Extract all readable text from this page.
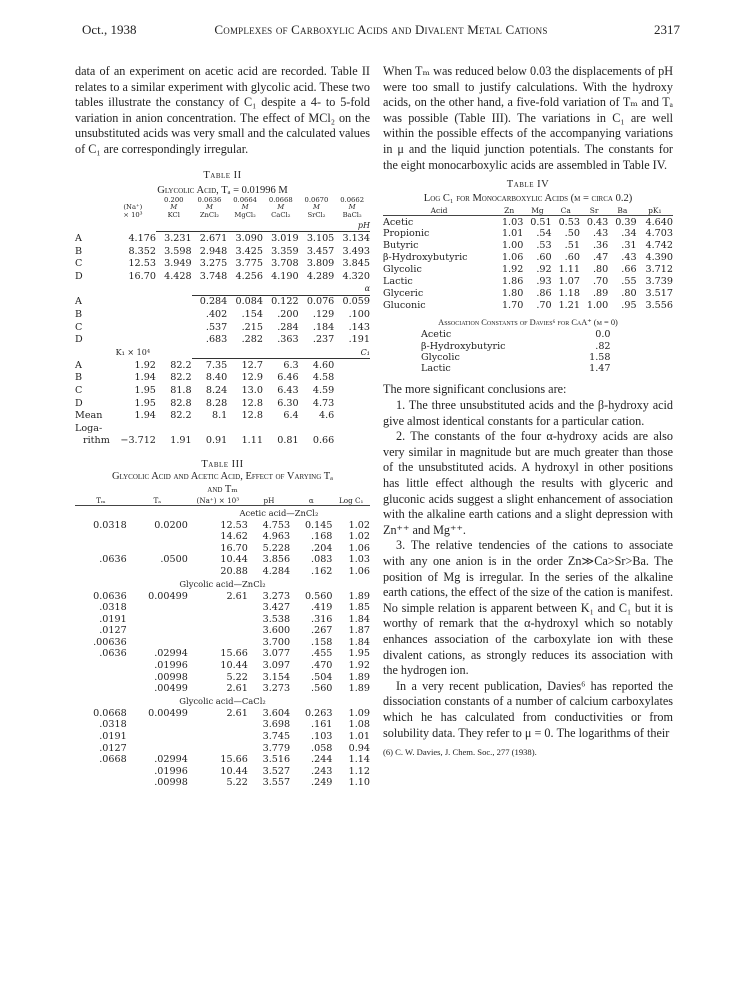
Oct., 1938	Complexes of Carboxylic Acids and Divalent Metal Cations	2317

data of an experiment on acetic acid are recorded. Table II relates to a similar experiment with glycolic acid. These two tables illustrate the constancy of C₁ despite a 4- to 5-fold variation in anion concentration. The effect of MCl₂ on the unsubstituted acids was very small and the calculated values of C₁ are correspondingly irregular.

Table II
Glycolic Acid, Tₐ = 0.01996 M
		0.200	0.0636	0.0664	0.0668	0.0670	0.0662
	(Na⁺)	M	M	M	M	M	M
	× 10³	KCl	ZnCl₂	MgCl₂	CaCl₂	SrCl₂	BaCl₂
		pH					
A	4.176	3.231	2.671	3.090	3.019	3.105	3.134
B	8.352	3.598	2.948	3.425	3.359	3.457	3.493
C	12.53	3.949	3.275	3.775	3.708	3.809	3.845
D	16.70	4.428	3.748	4.256	4.190	4.289	4.320
			α				
A			0.284	0.084	0.122	0.076	0.059
B			.402	.154	.200	.129	.100
C			.537	.215	.284	.184	.143
D			.683	.282	.363	.237	.191
	K₁ × 10⁴		C₁				
A	1.92	82.2	7.35	12.7	6.3	4.60	
B	1.94	82.2	8.40	12.9	6.46	4.58	
C	1.95	81.8	8.24	13.0	6.43	4.59	
D	1.95	82.8	8.28	12.8	6.30	4.73	
Mean	1.94	82.2	8.1	12.8	6.4	4.6	
Loga-							
rithm	−3.712	1.91	0.91	1.11	0.81	0.66	
Table III
Glycolic Acid and Acetic Acid, Effect of Varying Tₐ
and Tₘ
Tₘ	Tₐ	(Na⁺) × 10³	pH	α	Log C₁
		Acetic acid—ZnCl₂			
0.0318	0.0200	12.53	4.753	0.145	1.02
		14.62	4.963	.168	1.02
		16.70	5.228	.204	1.06
.0636	.0500	10.44	3.856	.083	1.03
		20.88	4.284	.162	1.06
Glycolic acid—ZnCl₂					
0.0636	0.00499	2.61	3.273	0.560	1.89
.0318			3.427	.419	1.85
.0191			3.538	.316	1.84
.0127			3.600	.267	1.87
.00636			3.700	.158	1.84
.0636	.02994	15.66	3.077	.455	1.95
	.01996	10.44	3.097	.470	1.92
	.00998	5.22	3.154	.504	1.89
	.00499	2.61	3.273	.560	1.89
Glycolic acid—CaCl₂					
0.0668	0.00499	2.61	3.604	0.263	1.09
.0318			3.698	.161	1.08
.0191			3.745	.103	1.01
.0127			3.779	.058	0.94
.0668	.02994	15.66	3.516	.244	1.14
	.01996	10.44	3.527	.243	1.12
	.00998	5.22	3.557	.249	1.10

When Tₘ was reduced below 0.03 the displacements of pH were too small to justify calculations. With the hydroxy acids, on the other hand, a five-fold variation of Tₘ and Tₐ was possible (Table III). The variations in C₁ are well within the possible effects of the accompanying variations in μ and the liquid junction potentials. The constants for the eight monocarboxylic acids are assembled in Table IV.

Table IV
Log C₁ for Monocarboxylic Acids (μ = circa 0.2)
Acid	Zn	Mg	Ca	Sr	Ba	pK₁
Acetic	1.03	0.51	0.53	0.43	0.39	4.640
Propionic	1.01	.54	.50	.43	.34	4.703
Butyric	1.00	.53	.51	.36	.31	4.742
β-Hydroxybutyric	1.06	.60	.60	.47	.43	4.390
Glycolic	1.92	.92	1.11	.80	.66	3.712
Lactic	1.86	.93	1.07	.70	.55	3.739
Glyceric	1.80	.86	1.18	.89	.80	3.517
Gluconic	1.70	.70	1.21	1.00	.95	3.556
Association Constants of Davies⁶ for CaA⁺ (μ = 0)
Acetic	0.0
β-Hydroxybutyric	.82
Glycolic	1.58
Lactic	1.47

The more significant conclusions are:

1. The three unsubstituted acids and the β-hydroxy acid give almost identical constants for a particular cation.

2. The constants of the four α-hydroxy acids are also very similar in magnitude but are much greater than those of the unsubstituted acids. A hydroxyl in other positions has little effect although the results with glyceric and gluconic acids suggest a slight enhancement of association with the alkaline earth cations and a slight depression with Zn⁺⁺ and Mg⁺⁺.

3. The relative tendencies of the cations to associate with any one anion is in the order Zn≫Ca>Sr>Ba. The position of Mg is irregular. In the series of the alkaline earth cations, the effect of the size of the cation is manifest. No simple relation is apparent between K₁ and C₁ but it is worthy of remark that the α-hydroxyl which so notably enhances association of the carboxylate ion with these divalent cations, as strongly reduces its association with the hydrogen ion.

In a very recent publication, Davies⁶ has reported the dissociation constants of a number of calcium carboxylates which he has calculated from conductivities or from solubility data. They refer to μ = 0. The logarithms of their

(6) C. W. Davies, J. Chem. Soc., 277 (1938).
